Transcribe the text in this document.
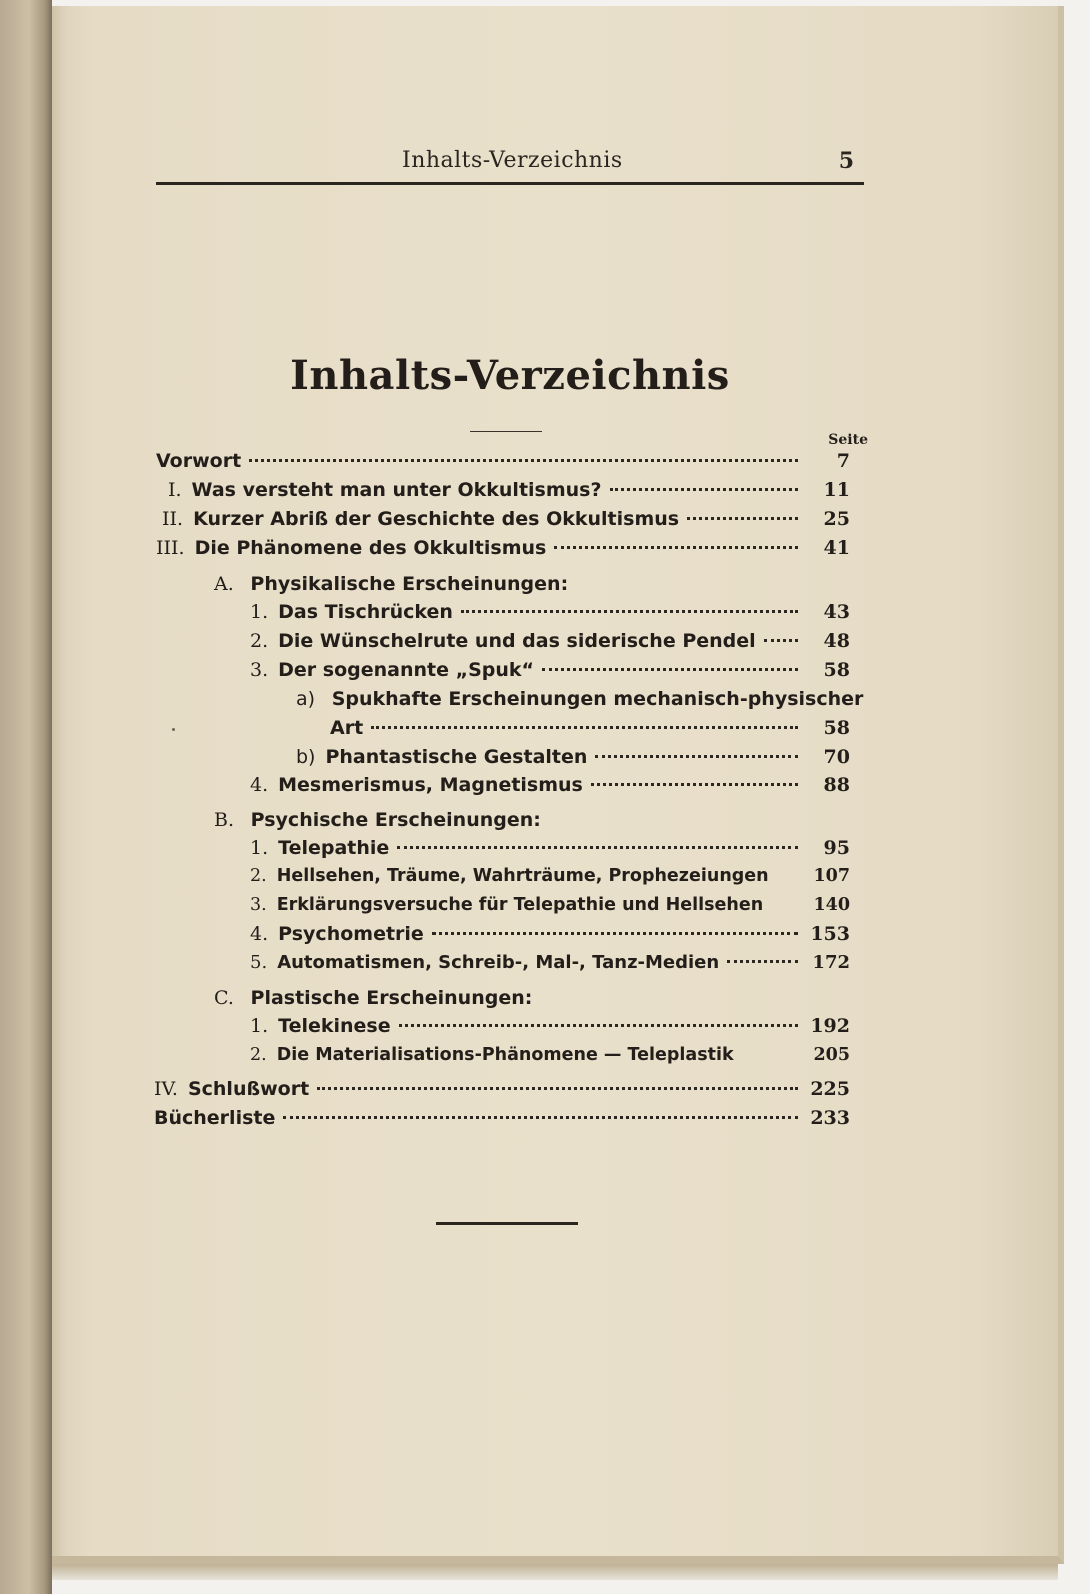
Inhalts-Verzeichnis	5
Inhalts-Verzeichnis
Seite
Vorwort	7
I. Was versteht man unter Okkultismus?	11
II. Kurzer Abriß der Geschichte des Okkultismus	25
III. Die Phänomene des Okkultismus	41
A. Physikalische Erscheinungen:
1. Das Tischrücken	43
2. Die Wünschelrute und das siderische Pendel	48
3. Der sogenannte „Spuk“	58
a) Spukhafte Erscheinungen mechanisch-physischer
Art	58
b) Phantastische Gestalten	70
4. Mesmerismus, Magnetismus	88
B. Psychische Erscheinungen:
1. Telepathie	95
2. Hellsehen, Träume, Wahrträume, Prophezeiungen	107
3. Erklärungsversuche für Telepathie und Hellsehen	140
4. Psychometrie	153
5. Automatismen, Schreib-, Mal-, Tanz-Medien	172
C. Plastische Erscheinungen:
1. Telekinese	192
2. Die Materialisations-Phänomene — Teleplastik	205
IV. Schlußwort	225
Bücherliste	233
